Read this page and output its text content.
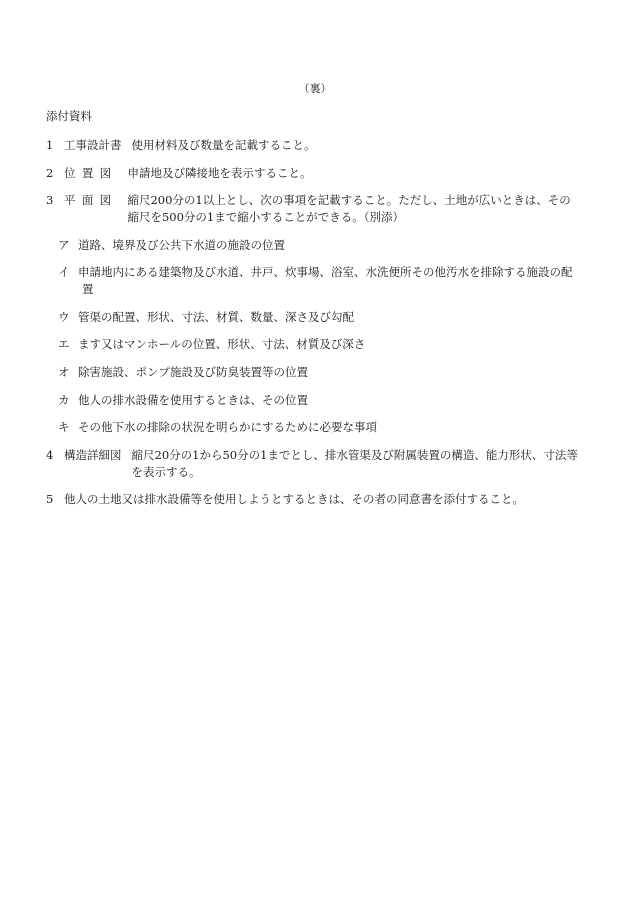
（裏）
添付資料
1 工事設計書 使用材料及び数量を記載すること。
2 位置図 申請地及び隣接地を表示すること。
3 平面図 縮尺200分の1以上とし、次の事項を記載すること。ただし、土地が広いときは、その
縮尺を500分の1まで縮小することができる。（別添）
ア 道路、境界及び公共下水道の施設の位置
イ 申請地内にある建築物及び水道、井戸、炊事場、浴室、水洗便所その他汚水を排除する施設の配
置
ウ 管渠の配置、形状、寸法、材質、数量、深さ及び勾配
エ ます又はマンホールの位置、形状、寸法、材質及び深さ
オ 除害施設、ポンプ施設及び防臭装置等の位置
カ 他人の排水設備を使用するときは、その位置
キ その他下水の排除の状況を明らかにするために必要な事項
4 構造詳細図 縮尺20分の1から50分の1までとし、排水管渠及び附属装置の構造、能力形状、寸法等
を表示する。
5 他人の土地又は排水設備等を使用しようとするときは、その者の同意書を添付すること。
